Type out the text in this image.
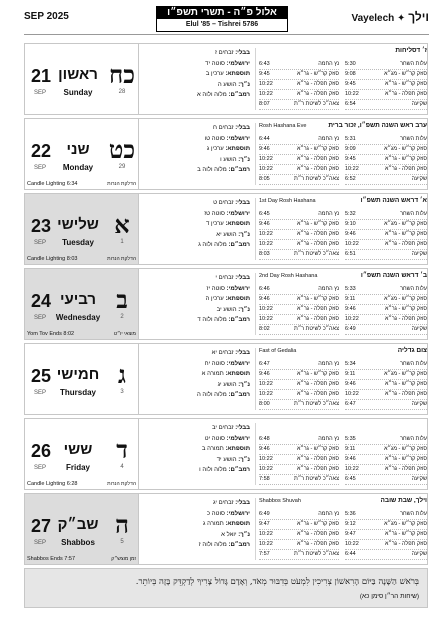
SEP 2025	אלול פ״ה - תשרי תשפ״ו
Elul '85 – Tishrei 5786
Vayelech ✦ וילך
21
SEP
ראשון
Sunday
כח
28
בבלי: זבחים ז
ירושלמי: סוטה יד
תוספתא: ערכין ב
נ״ך: הושע ה
רמב״ם: מלוה ולוה א
ז׳ דסליחות
6:43	נץ החמה
9:45	סוזק קר״ש - גר״א
10:22	סוזק תפלה - גר״א
10:22	סוזק תפלה - גר״א
8:07	צאה״כ לשיטת ר״ת
5:30	עלות השחר
9:08	סוזק קר״ש - מג״א
9:45	סוזק קר״ש - גר״א
10:22	סוזק תפלה - גר״א
6:54	שקיעה
22
SEP
שני
Monday
כט
29
Candle Lighting 6:34	הדלקת הנרות
בבלי: זבחים ח
ירושלמי: סוטה טו
תוספתא: ערכין ג
נ״ך: הושע ו
רמב״ם: מלוה ולוה ב
Rosh Hashana Eve	ערב ראש השנה תשפ״ו, זכור ברית
6:44	נץ החמה
9:46	סוזק קר״ש - גר״א
10:22	סוזק תפלה - גר״א
10:22	סוזק תפלה - גר״א
8:05	צאה״כ לשיטת ר״ת
5:31	עלות השחר
9:09	סוזק קר״ש - מג״א
9:45	סוזק קר״ש - גר״א
10:22	סוזק תפלה - גר״א
6:52	שקיעה
23
SEP
שלישי
Tuesday
א
1
Candle Lighting 8:03	הדלקת הנרות
בבלי: זבחים ט
ירושלמי: סוטה טז
תוספתא: ערכין ד
נ״ך: הושע יא
רמב״ם: מלוה ולוה ג
1st Day Rosh Hashana	א׳ דראש השנה תשפ״ו
6:45	נץ החמה
9:46	סוזק קר״ש - גר״א
10:22	סוזק תפלה - גר״א
10:22	סוזק תפלה - גר״א
8:03	צאה״כ לשיטת ר״ת
5:32	עלות השחר
9:10	סוזק קר״ש - מג״א
9:46	סוזק קר״ש - גר״א
10:22	סוזק תפלה - גר״א
6:51	שקיעה
24
SEP
רביעי
Wednesday
ב
2
Yom Tov Ends 8:02	מוצאי יו״ט
בבלי: זבחים י
ירושלמי: סוטה יז
תוספתא: ערכין ה
נ״ך: הושע יב
רמב״ם: מלוה ולוה ד
2nd Day Rosh Hashana	ב׳ דראש השנה תשפ״ו
6:46	נץ החמה
9:46	סוזק קר״ש - גר״א
10:22	סוזק תפלה - גר״א
10:22	סוזק תפלה - גר״א
8:02	צאה״כ לשיטת ר״ת
5:33	עלות השחר
9:11	סוזק קר״ש - מג״א
9:46	סוזק קר״ש - גר״א
10:22	סוזק תפלה - גר״א
6:49	שקיעה
25
SEP
חמישי
Thursday
ג
3
בבלי: זבחים יא
ירושלמי: סוטה יח
תוספתא: תמורה א
נ״ך: הושע יג
רמב״ם: מלוה ולוה ה
Fast of Gedalia	צום גדליה
6:47	נץ החמה
9:46	סוזק קר״ש - גר״א
10:22	סוזק תפלה - גר״א
10:22	סוזק תפלה - גר״א
8:00	צאה״כ לשיטת ר״ת
5:34	עלות השחר
9:11	סוזק קר״ש - מג״א
9:46	סוזק קר״ש - גר״א
10:22	סוזק תפלה - גר״א
6:47	שקיעה
26
SEP
ששי
Friday
ד
4
Candle Lighting 6:28	הדלקת הנרות
בבלי: זבחים יב
ירושלמי: סוטה יט
תוספתא: תמורה ב
נ״ך: הושע יד
רמב״ם: מלוה ולוה ו
6:48	נץ החמה
9:46	סוזק קר״ש - גר״א
10:22	סוזק תפלה - גר״א
10:22	סוזק תפלה - גר״א
7:58	צאה״כ לשיטת ר״ת
5:35	עלות השחר
9:11	סוזק קר״ש - מג״א
9:46	סוזק קר״ש - גר״א
10:22	סוזק תפלה - גר״א
6:45	שקיעה
27
SEP
שב״ק
Shabbos
ה
5
Shabbos Ends 7:57	זמן מוצש״ק
בבלי: זבחים יג
ירושלמי: סוטה כ
תוספתא: תמורה ג
נ״ך: יואל א
רמב״ם: מלוה ולוה ז
Shabbos Shuvah	וילך, שבת שובה
6:49	נץ החמה
9:47	סוזק קר״ש - גר״א
10:22	סוזק תפלה - גר״א
10:22	סוזק תפלה - גר״א
7:57	צאה״כ לשיטת ר״ת
5:36	עלות השחר
9:12	סוזק קר״ש - מג״א
9:47	סוזק קר״ש - גר״א
10:22	סוזק תפלה - גר״א
6:44	שקיעה
בְּרֹאשׁ הַשָּׁנָה בַּיּוֹם הָרִאשׁוֹן צְרִיכִין לִמְעֹט בְּדִבּוּר מְאֹד, וְאָדָם גָּדוֹל צָרִיךְ לְדַקְדֵּק בָּזֶה בְּיוֹתֵר.
(שיחות הר״ן סימן כא)
